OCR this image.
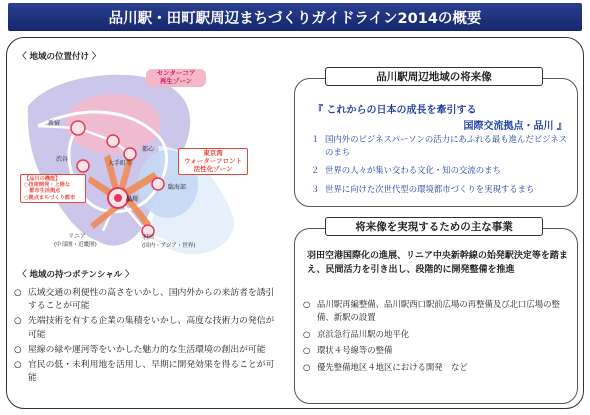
品川駅・田町駅周辺まちづくりガイドライン2014の概要
〈 地域の位置付け 〉
新宿
都心
大手町等
渋谷
臨海部
品川
羽田
(国内・アジア・世界)
リニア
(中部圏・近畿圏)
センターコア
再生ゾーン
東京湾
ウォーターフロント
活性化ゾーン
【品川の機能】
○技術開発・上陸な
　都市生活拠点
○拠点まちづくり都市
〈 地域の持つポテンシャル 〉
○ 広域交通の利便性の高さをいかし、国内外からの来訪者を誘引することが可能
○ 先端技術を有する企業の集積をいかし、高度な技術力の発信が可能
○ 屋線の緑や運河等をいかした魅力的な生活環境の創出が可能
○ 官民の低・未利用地を活用し、早期に開発効果を得ることが可能
品川駅周辺地域の将来像
『 これからの日本の成長を牽引する
国際交流拠点・品川 』
１ 国内外のビジネスパーソンの活力にあふれる最も進んだビジネスのまち
２ 世界の人々が集い交わる文化・知の交流のまち
３ 世界に向けた次世代型の環境都市づくりを実現するまち
将来像を実現するための主な事業
羽田空港国際化の進展、リニア中央新幹線の始発駅決定等を踏まえ、民間活力を引き出し、段階的に開発整備を推進
○ 品川駅再編整備、品川駅西口駅前広場の再整備及び北口広場の整備、新駅の設置
○ 京浜急行品川駅の地平化
○ 環状４号線等の整備
○ 優先整備地区４地区における開発　など
